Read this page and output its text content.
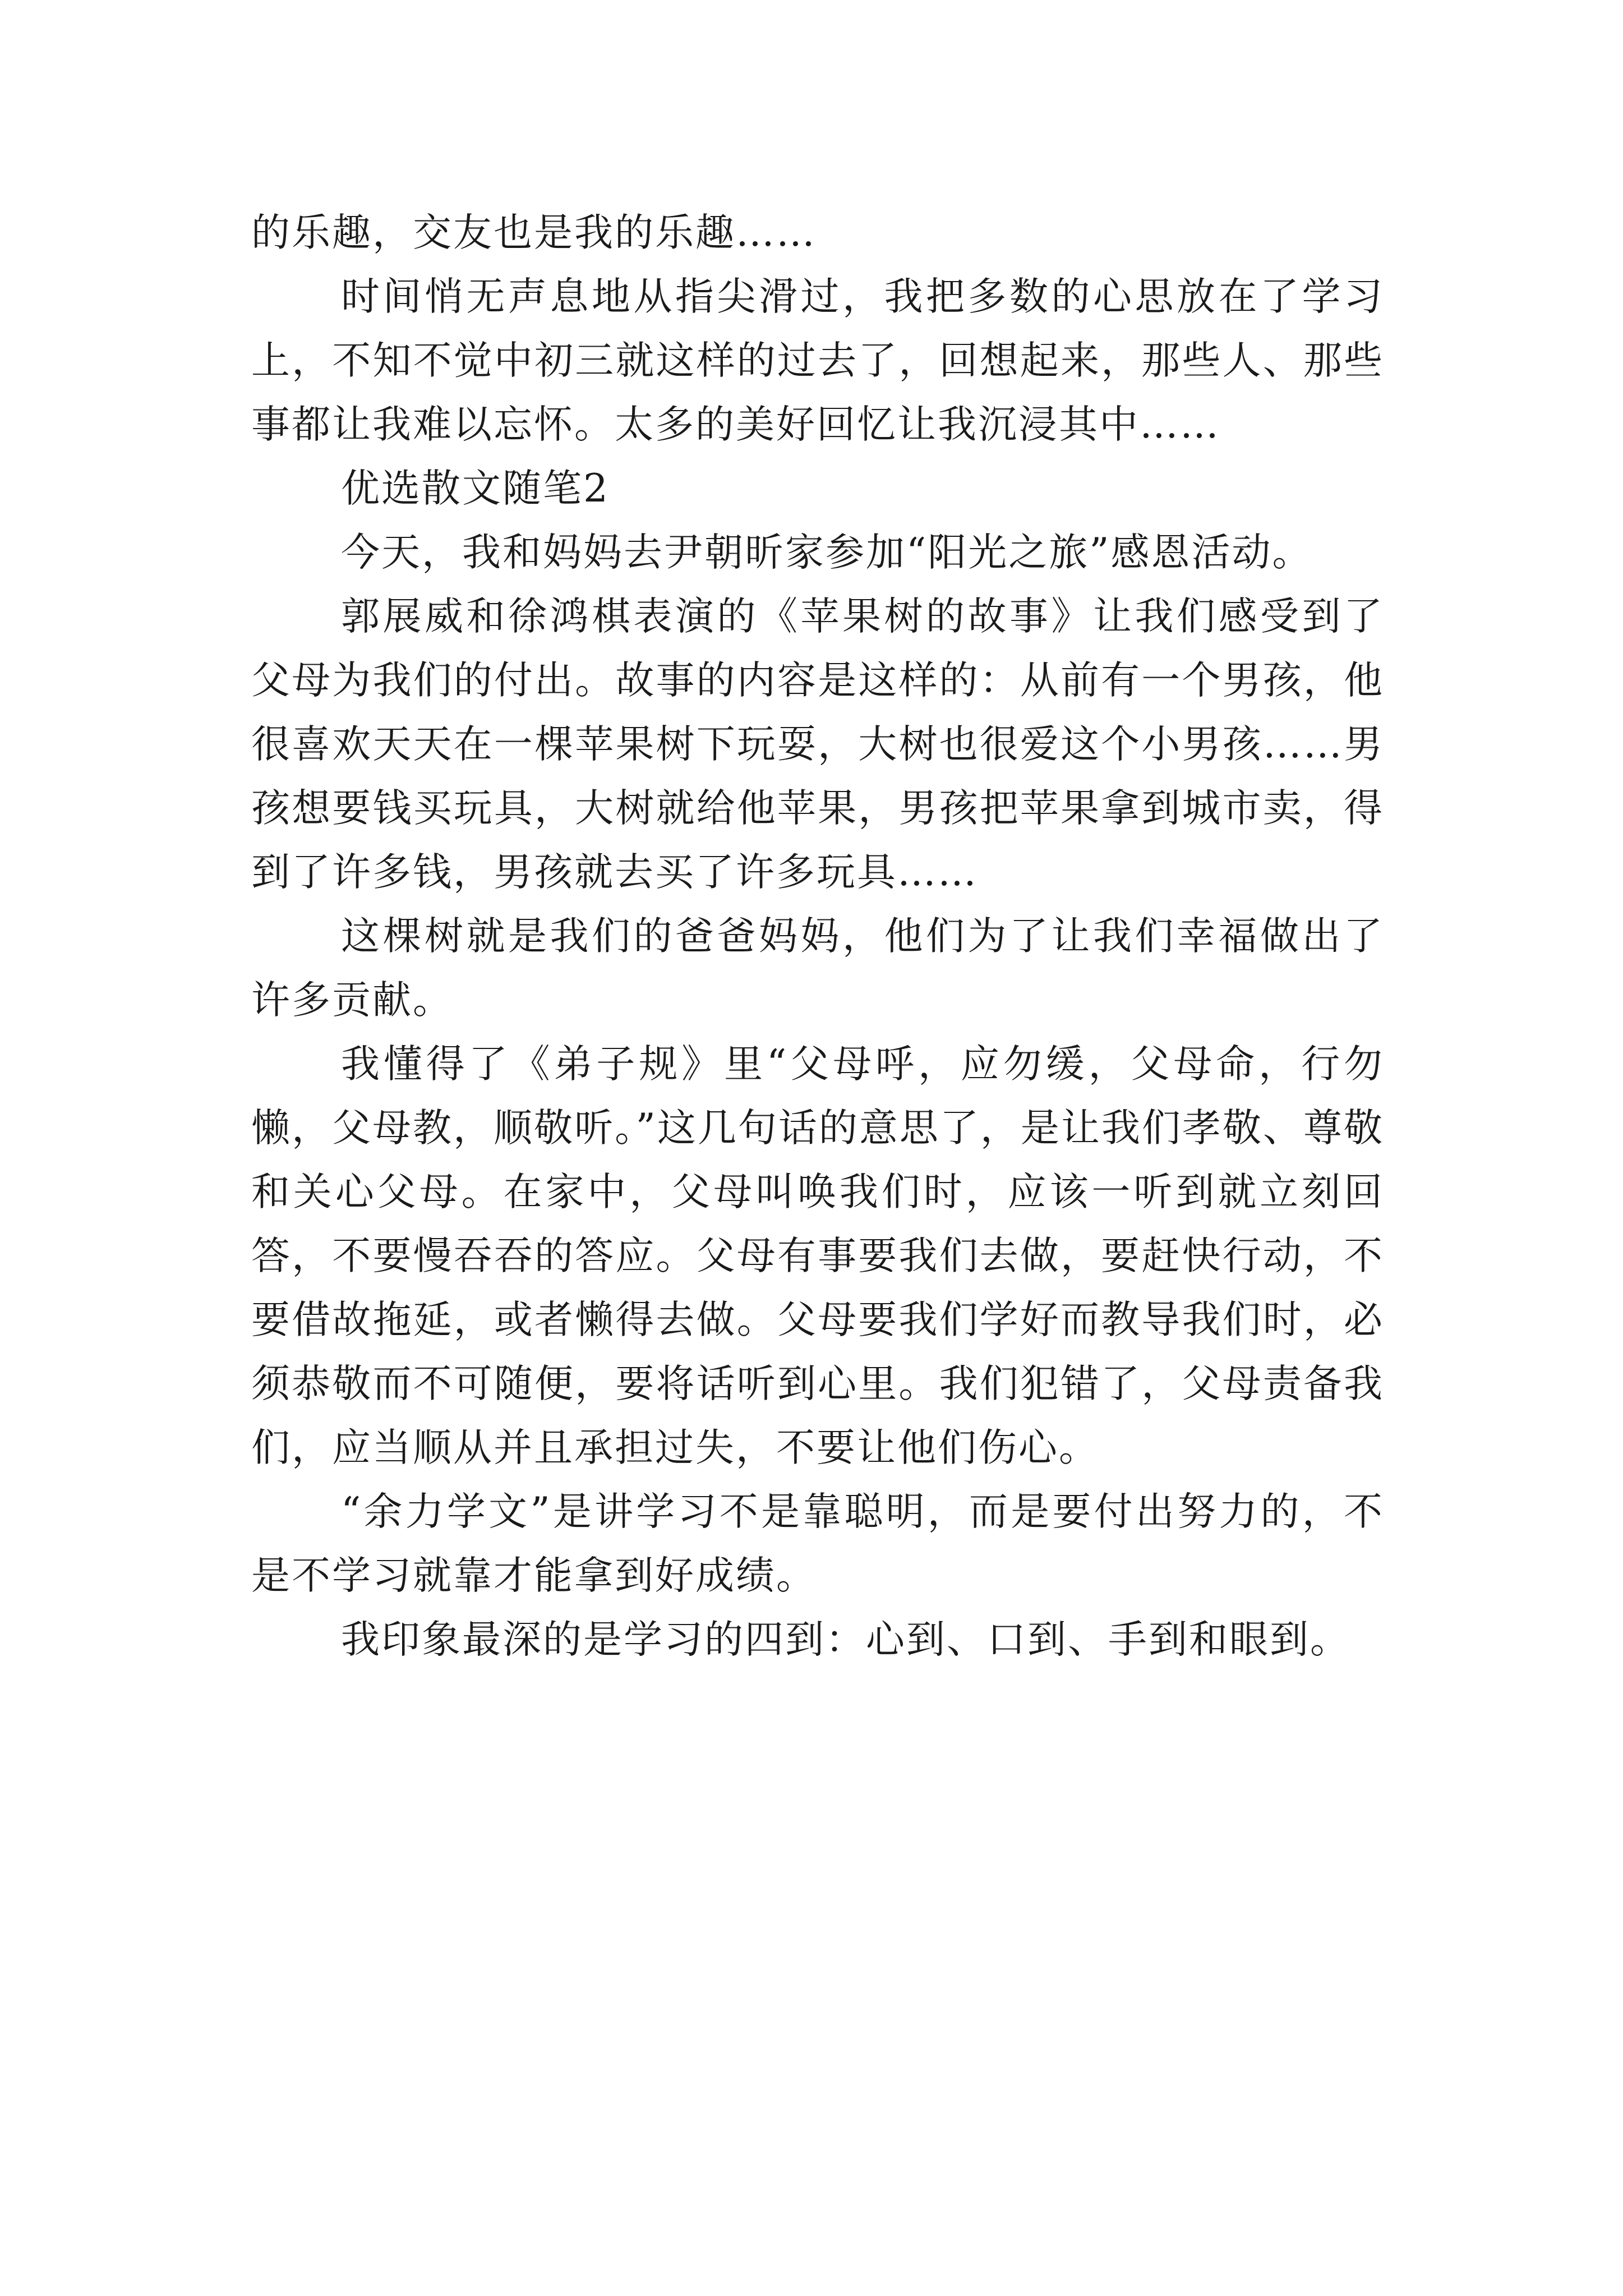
的乐趣，交友也是我的乐趣……

时间悄无声息地从指尖滑过，我把多数的心思放在了学习上，不知不觉中初三就这样的过去了，回想起来，那些人、那些事都让我难以忘怀。太多的美好回忆让我沉浸其中……

优选散文随笔2

今天，我和妈妈去尹朝昕家参加“阳光之旅”感恩活动。

郭展威和徐鸿棋表演的《苹果树的故事》让我们感受到了父母为我们的付出。故事的内容是这样的：从前有一个男孩，他很喜欢天天在一棵苹果树下玩耍，大树也很爱这个小男孩……男孩想要钱买玩具，大树就给他苹果，男孩把苹果拿到城市卖，得到了许多钱，男孩就去买了许多玩具……

这棵树就是我们的爸爸妈妈，他们为了让我们幸福做出了许多贡献。

我懂得了《弟子规》里“父母呼，应勿缓，父母命，行勿懒，父母教，顺敬听。”这几句话的意思了，是让我们孝敬、尊敬和关心父母。在家中，父母叫唤我们时，应该一听到就立刻回答，不要慢吞吞的答应。父母有事要我们去做，要赶快行动，不要借故拖延，或者懒得去做。父母要我们学好而教导我们时，必须恭敬而不可随便，要将话听到心里。我们犯错了，父母责备我们，应当顺从并且承担过失，不要让他们伤心。

“余力学文”是讲学习不是靠聪明，而是要付出努力的，不是不学习就靠才能拿到好成绩。

我印象最深的是学习的四到：心到、口到、手到和眼到。
